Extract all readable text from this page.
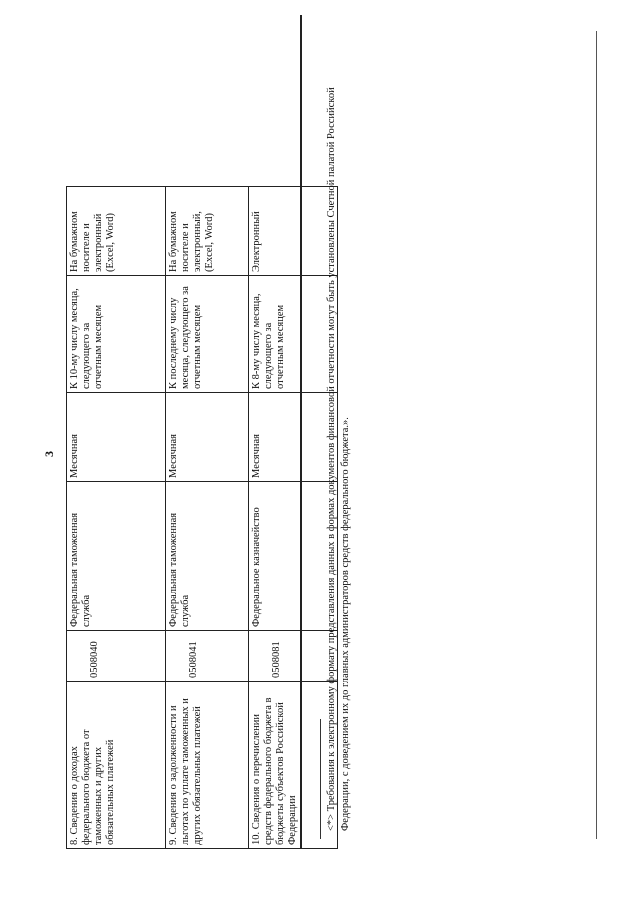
3
8. Сведения о доходах федерального бюджета от таможенных и других обязательных платежей	0508040	Федеральная таможенная служба	Месячная	К 10-му числу месяца, следующего за отчетным месяцем	На бумажном носителе и электронный (Excel, Word)
9. Сведения о задолженности и льготах по уплате таможенных и других обязательных платежей	0508041	Федеральная таможенная служба	Месячная	К последнему числу месяца, следующего за отчетным месяцем	На бумажном носителе и электронный, (Excel, Word)
10. Сведения о перечислении средств федерального бюджета в бюджеты субъектов Российской Федерации	0508081	Федеральное казначейство	Месячная	К 8-му числу месяца, следующего за отчетным месяцем	Электронный	<*> Требования к электронному формату представления данных в формах документов финансовой отчетности могут быть установлены Счетной палатой Российской Федерации, с доведением их до главных администраторов средств федерального бюджета.».
